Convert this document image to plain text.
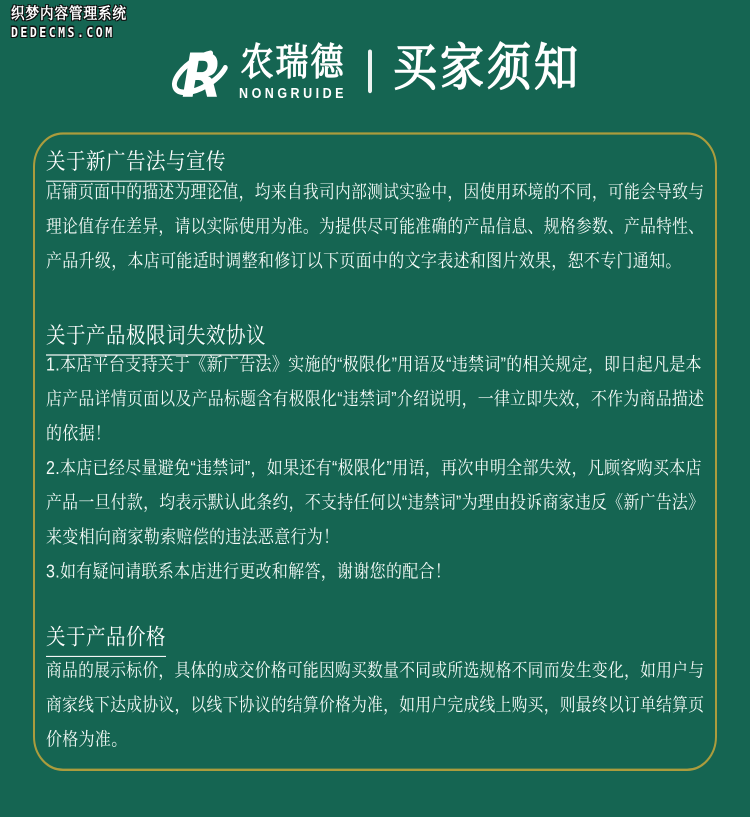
织梦内容管理系统
DEDECMS.COM
R 农瑞德
NONGRUIDE 买家须知
关于新广告法与宣传
店铺页面中的描述为理论值，均来自我司内部测试实验中，因使用环境的不同，可能会导致与
理论值存在差异，请以实际使用为准。为提供尽可能准确的产品信息、规格参数、产品特性、
产品升级，本店可能适时调整和修订以下页面中的文字表述和图片效果，恕不专门通知。
关于产品极限词失效协议
1.本店平台支持关于《新广告法》实施的“极限化”用语及“违禁词”的相关规定，即日起凡是本
店产品详情页面以及产品标题含有极限化“违禁词”介绍说明，一律立即失效，不作为商品描述
的依据！
2.本店已经尽量避免“违禁词”，如果还有“极限化”用语，再次申明全部失效，凡顾客购买本店
产品一旦付款，均表示默认此条约，不支持任何以“违禁词”为理由投诉商家违反《新广告法》
来变相向商家勒索赔偿的违法恶意行为！
3.如有疑问请联系本店进行更改和解答，谢谢您的配合！
关于产品价格
商品的展示标价，具体的成交价格可能因购买数量不同或所选规格不同而发生变化，如用户与
商家线下达成协议，以线下协议的结算价格为准，如用户完成线上购买，则最终以订单结算页
价格为准。
